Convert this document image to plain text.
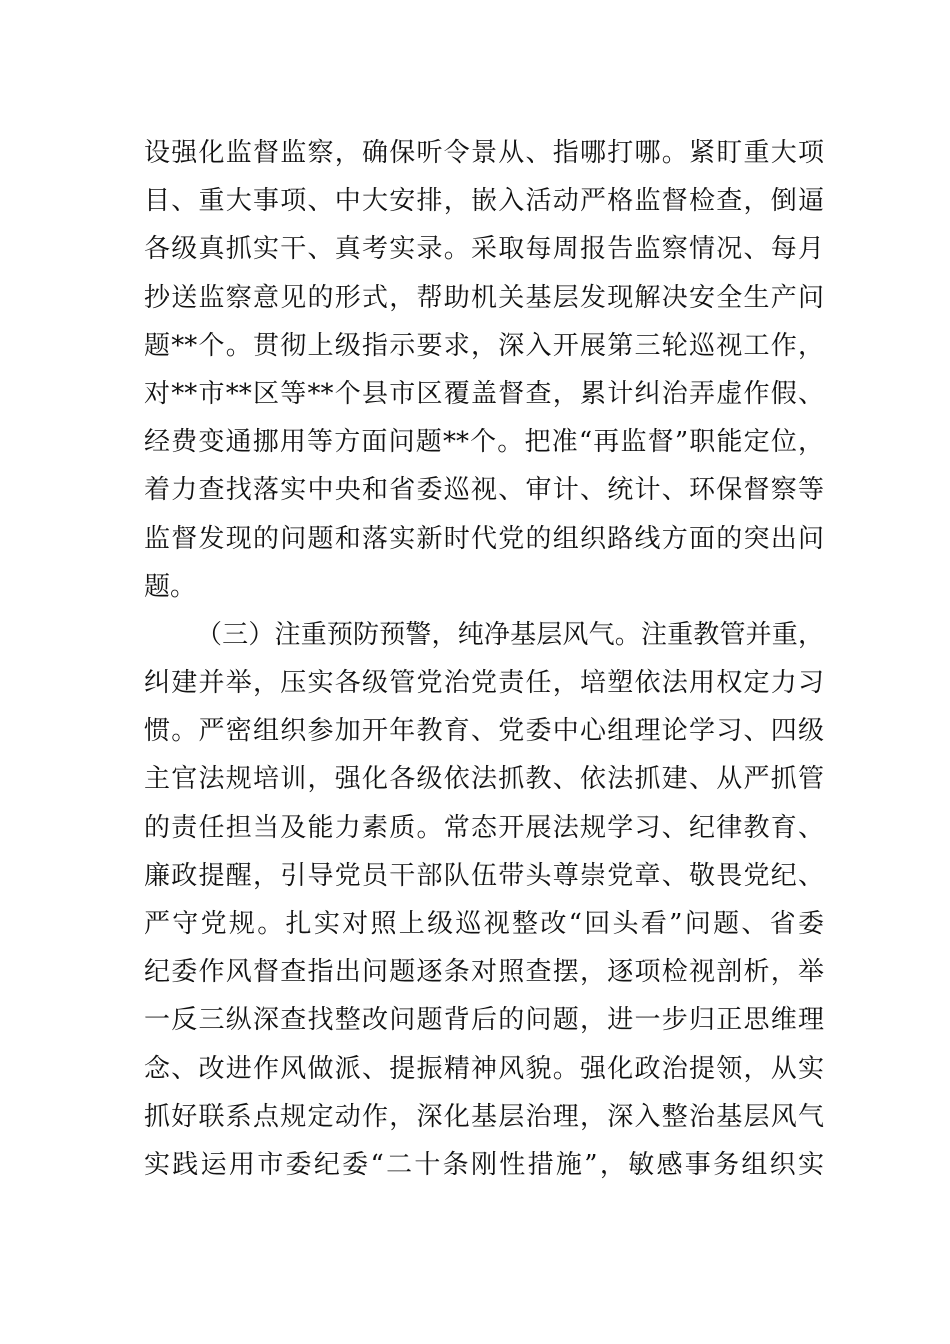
设强化监督监察，确保听令景从、指哪打哪。紧盯重大项
目、重大事项、中大安排，嵌入活动严格监督检查，倒逼
各级真抓实干、真考实录。采取每周报告监察情况、每月
抄送监察意见的形式，帮助机关基层发现解决安全生产问
题**个。贯彻上级指示要求，深入开展第三轮巡视工作，
对**市**区等**个县市区覆盖督查，累计纠治弄虚作假、
经费变通挪用等方面问题**个。把准“再监督”职能定位，
着力查找落实中央和省委巡视、审计、统计、环保督察等
监督发现的问题和落实新时代党的组织路线方面的突出问
题。
（三）注重预防预警，纯净基层风气。注重教管并重，
纠建并举，压实各级管党治党责任，培塑依法用权定力习
惯。严密组织参加开年教育、党委中心组理论学习、四级
主官法规培训，强化各级依法抓教、依法抓建、从严抓管
的责任担当及能力素质。常态开展法规学习、纪律教育、
廉政提醒，引导党员干部队伍带头尊崇党章、敬畏党纪、
严守党规。扎实对照上级巡视整改“回头看”问题、省委
纪委作风督查指出问题逐条对照查摆，逐项检视剖析，举
一反三纵深查找整改问题背后的问题，进一步归正思维理
念、改进作风做派、提振精神风貌。强化政治提领，从实
抓好联系点规定动作，深化基层治理，深入整治基层风气
实践运用市委纪委“二十条刚性措施”，敏感事务组织实
